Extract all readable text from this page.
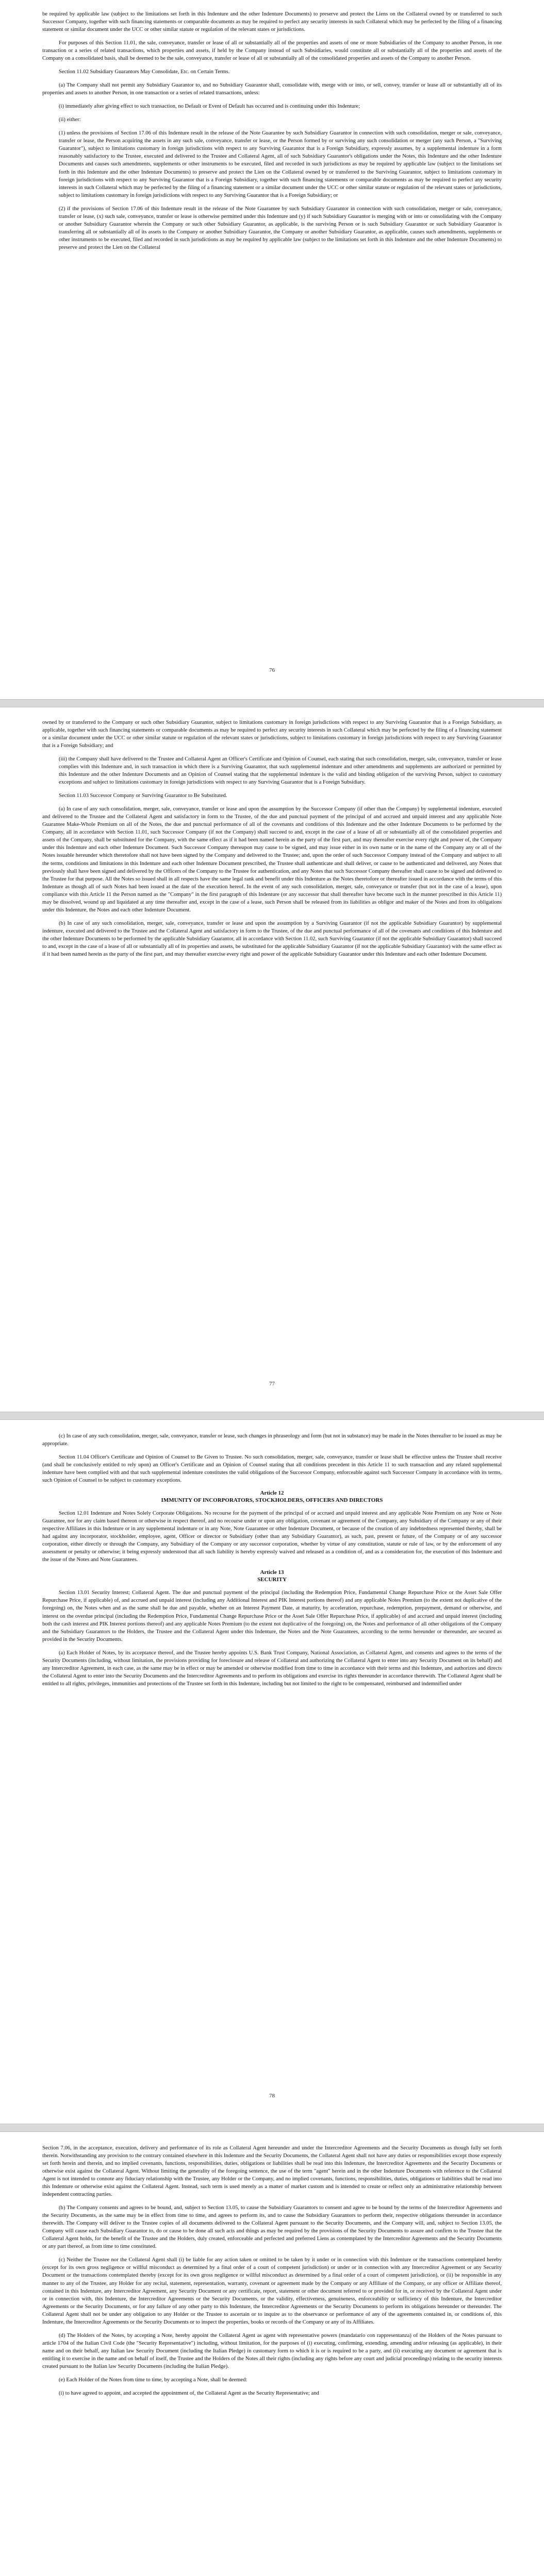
be required by applicable law (subject to the limitations set forth in this Indenture and the other Indenture Documents) to preserve and protect the Liens on the Collateral owned by or transferred to such Successor Company, together with such financing statements or comparable documents as may be required to perfect any security interests in such Collateral which may be perfected by the filing of a financing statement or similar document under the UCC or other similar statute or regulation of the relevant states or jurisdictions.

For purposes of this Section 11.01, the sale, conveyance, transfer or lease of all or substantially all of the properties and assets of one or more Subsidiaries of the Company to another Person, in one transaction or a series of related transactions, which properties and assets, if held by the Company instead of such Subsidiaries, would constitute all or substantially all of the properties and assets of the Company on a consolidated basis, shall be deemed to be the sale, conveyance, transfer or lease of all or substantially all of the consolidated properties and assets of the Company to another Person.

Section 11.02 Subsidiary Guarantors May Consolidate, Etc. on Certain Terms.

(a) The Company shall not permit any Subsidiary Guarantor to, and no Subsidiary Guarantor shall, consolidate with, merge with or into, or sell, convey, transfer or lease all or substantially all of its properties and assets to another Person, in one transaction or a series of related transactions, unless:

(i) immediately after giving effect to such transaction, no Default or Event of Default has occurred and is continuing under this Indenture;

(ii) either:

(1) unless the provisions of Section 17.06 of this Indenture result in the release of the Note Guarantee by such Subsidiary Guarantor in connection with such consolidation, merger or sale, conveyance, transfer or lease, the Person acquiring the assets in any such sale, conveyance, transfer or lease, or the Person formed by or surviving any such consolidation or merger (any such Person, a "Surviving Guarantor"), subject to limitations customary in foreign jurisdictions with respect to any Surviving Guarantor that is a Foreign Subsidiary, expressly assumes, by a supplemental indenture in a form reasonably satisfactory to the Trustee, executed and delivered to the Trustee and Collateral Agent, all of such Subsidiary Guarantor's obligations under the Notes, this Indenture and the other Indenture Documents and causes such amendments, supplements or other instruments to be executed, filed and recorded in such jurisdictions as may be required by applicable law (subject to the limitations set forth in this Indenture and the other Indenture Documents) to preserve and protect the Lien on the Collateral owned by or transferred to the Surviving Guarantor, subject to limitations customary in foreign jurisdictions with respect to any Surviving Guarantor that is a Foreign Subsidiary, together with such financing statements or comparable documents as may be required to perfect any security interests in such Collateral which may be perfected by the filing of a financing statement or a similar document under the UCC or other similar statute or regulation of the relevant states or jurisdictions, subject to limitations customary in foreign jurisdictions with respect to any Surviving Guarantor that is a Foreign Subsidiary; or

(2) if the provisions of Section 17.06 of this Indenture result in the release of the Note Guarantee by such Subsidiary Guarantor in connection with such consolidation, merger or sale, conveyance, transfer or lease, (x) such sale, conveyance, transfer or lease is otherwise permitted under this Indenture and (y) if such Subsidiary Guarantor is merging with or into or consolidating with the Company or another Subsidiary Guarantor wherein the Company or such other Subsidiary Guarantor, as applicable, is the surviving Person or is such Subsidiary Guarantor or such Subsidiary Guarantor is transferring all or substantially all of its assets to the Company or another Subsidiary Guarantor, the Company or another Subsidiary Guarantor, as applicable, causes such amendments, supplements or other instruments to be executed, filed and recorded in such jurisdictions as may be required by applicable law (subject to the limitations set forth in this Indenture and the other Indenture Documents) to preserve and protect the Lien on the Collateral

76

owned by or transferred to the Company or such other Subsidiary Guarantor, subject to limitations customary in foreign jurisdictions with respect to any Surviving Guarantor that is a Foreign Subsidiary, as applicable, together with such financing statements or comparable documents as may be required to perfect any security interests in such Collateral which may be perfected by the filing of a financing statement or a similar document under the UCC or other similar statute or regulation of the relevant states or jurisdictions, subject to limitations customary in foreign jurisdictions with respect to any Surviving Guarantor that is a Foreign Subsidiary; and

(iii) the Company shall have delivered to the Trustee and Collateral Agent an Officer's Certificate and Opinion of Counsel, each stating that such consolidation, merger, sale, conveyance, transfer or lease complies with this Indenture and, in such transaction in which there is a Surviving Guarantor, that such supplemental indenture and other amendments and supplements are authorized or permitted by this Indenture and the other Indenture Documents and an Opinion of Counsel stating that the supplemental indenture is the valid and binding obligation of the surviving Person, subject to customary exceptions and subject to limitations customary in foreign jurisdictions with respect to any Surviving Guarantor that is a Foreign Subsidiary.

Section 11.03 Successor Company or Surviving Guarantor to Be Substituted.

(a) In case of any such consolidation, merger, sale, conveyance, transfer or lease and upon the assumption by the Successor Company (if other than the Company) by supplemental indenture, executed and delivered to the Trustee and the Collateral Agent and satisfactory in form to the Trustee, of the due and punctual payment of the principal of and accrued and unpaid interest and any applicable Note Guarantee Make-Whole Premium on all of the Notes, the due and punctual performance of all of the covenants and conditions of this Indenture and the other Indenture Documents to be performed by the Company, all in accordance with Section 11.01, such Successor Company (if not the Company) shall succeed to and, except in the case of a lease of all or substantially all of the consolidated properties and assets of the Company, shall be substituted for the Company, with the same effect as if it had been named herein as the party of the first part, and may thereafter exercise every right and power of, the Company under this Indenture and each other Indenture Document. Such Successor Company thereupon may cause to be signed, and may issue either in its own name or in the name of the Company any or all of the Notes issuable hereunder which theretofore shall not have been signed by the Company and delivered to the Trustee; and, upon the order of such Successor Company instead of the Company and subject to all the terms, conditions and limitations in this Indenture and each other Indenture Document prescribed, the Trustee shall authenticate and shall deliver, or cause to be authenticated and delivered, any Notes that previously shall have been signed and delivered by the Officers of the Company to the Trustee for authentication, and any Notes that such Successor Company thereafter shall cause to be signed and delivered to the Trustee for that purpose. All the Notes so issued shall in all respects have the same legal rank and benefit under this Indenture as the Notes theretofore or thereafter issued in accordance with the terms of this Indenture as though all of such Notes had been issued at the date of the execution hereof. In the event of any such consolidation, merger, sale, conveyance or transfer (but not in the case of a lease), upon compliance with this Article 11 the Person named as the "Company" in the first paragraph of this Indenture (or any successor that shall thereafter have become such in the manner prescribed in this Article 11) may be dissolved, wound up and liquidated at any time thereafter and, except in the case of a lease, such Person shall be released from its liabilities as obligor and maker of the Notes and from its obligations under this Indenture, the Notes and each other Indenture Document.

(b) In case of any such consolidation, merger, sale, conveyance, transfer or lease and upon the assumption by a Surviving Guarantor (if not the applicable Subsidiary Guarantor) by supplemental indenture, executed and delivered to the Trustee and the Collateral Agent and satisfactory in form to the Trustee, of the due and punctual performance of all of the covenants and conditions of this Indenture and the other Indenture Documents to be performed by the applicable Subsidiary Guarantor, all in accordance with Section 11.02, such Surviving Guarantor (if not the applicable Subsidiary Guarantor) shall succeed to and, except in the case of a lease of all or substantially all of its properties and assets, be substituted for the applicable Subsidiary Guarantor (if not the applicable Subsidiary Guarantor) with the same effect as if it had been named herein as the party of the first part, and may thereafter exercise every right and power of the applicable Subsidiary Guarantor under this Indenture and each other Indenture Document.

77

(c) In case of any such consolidation, merger, sale, conveyance, transfer or lease, such changes in phraseology and form (but not in substance) may be made in the Notes thereafter to be issued as may be appropriate.

Section 11.04 Officer's Certificate and Opinion of Counsel to Be Given to Trustee. No such consolidation, merger, sale, conveyance, transfer or lease shall be effective unless the Trustee shall receive (and shall be conclusively entitled to rely upon) an Officer's Certificate and an Opinion of Counsel stating that all conditions precedent in this Article 11 to such transaction and any related supplemental indenture have been complied with and that such supplemental indenture constitutes the valid obligations of the Successor Company, enforceable against such Successor Company in accordance with its terms, such Opinion of Counsel to be subject to customary exceptions.

Article 12
IMMUNITY OF INCORPORATORS, STOCKHOLDERS, OFFICERS AND DIRECTORS

Section 12.01 Indenture and Notes Solely Corporate Obligations. No recourse for the payment of the principal of or accrued and unpaid interest and any applicable Note Premium on any Note or Note Guarantee, nor for any claim based thereon or otherwise in respect thereof, and no recourse under or upon any obligation, covenant or agreement of the Company, any Subsidiary of the Company or any of their respective Affiliates in this Indenture or in any supplemental indenture or in any Note, Note Guarantee or other Indenture Document, or because of the creation of any indebtedness represented thereby, shall be had against any incorporator, stockholder, employee, agent, Officer or director or Subsidiary (other than any Subsidiary Guarantor), as such, past, present or future, of the Company or of any successor corporation, either directly or through the Company, any Subsidiary of the Company or any successor corporation, whether by virtue of any constitution, statute or rule of law, or by the enforcement of any assessment or penalty or otherwise; it being expressly understood that all such liability is hereby expressly waived and released as a condition of, and as a consideration for, the execution of this Indenture and the issue of the Notes and Note Guarantees.

Article 13
SECURITY

Section 13.01 Security Interest; Collateral Agent. The due and punctual payment of the principal (including the Redemption Price, Fundamental Change Repurchase Price or the Asset Sale Offer Repurchase Price, if applicable) of, and accrued and unpaid interest (including any Additional Interest and PIK Interest portions thereof) and any applicable Notes Premium (to the extent not duplicative of the foregoing) on, the Notes when and as the same shall be due and payable, whether on an Interest Payment Date, at maturity, by acceleration, repurchase, redemption, prepayment, demand or otherwise, and interest on the overdue principal (including the Redemption Price, Fundamental Change Repurchase Price or the Asset Sale Offer Repurchase Price, if applicable) of and accrued and unpaid interest (including both the cash interest and PIK Interest portions thereof) and any applicable Notes Premium (to the extent not duplicative of the foregoing) on, the Notes and performance of all other obligations of the Company and the Subsidiary Guarantors to the Holders, the Trustee and the Collateral Agent under this Indenture, the Notes and the Note Guarantees, according to the terms hereunder or thereunder, are secured as provided in the Security Documents.

(a) Each Holder of Notes, by its acceptance thereof, and the Trustee hereby appoints U.S. Bank Trust Company, National Association, as Collateral Agent, and consents and agrees to the terms of the Security Documents (including, without limitation, the provisions providing for foreclosure and release of Collateral and authorizing the Collateral Agent to enter into any Security Document on its behalf) and any Intercreditor Agreement, in each case, as the same may be in effect or may be amended or otherwise modified from time to time in accordance with their terms and this Indenture, and authorizes and directs the Collateral Agent to enter into the Security Documents and the Intercreditor Agreements and to perform its obligations and exercise its rights thereunder in accordance therewith. The Collateral Agent shall be entitled to all rights, privileges, immunities and protections of the Trustee set forth in this Indenture, including but not limited to the right to be compensated, reimbursed and indemnified under

78

Section 7.06, in the acceptance, execution, delivery and performance of its role as Collateral Agent hereunder and under the Intercreditor Agreements and the Security Documents as though fully set forth therein. Notwithstanding any provision to the contrary contained elsewhere in this Indenture and the Security Documents, the Collateral Agent shall not have any duties or responsibilities except those expressly set forth herein and therein, and no implied covenants, functions, responsibilities, duties, obligations or liabilities shall be read into this Indenture, the Intercreditor Agreements and the Security Documents or otherwise exist against the Collateral Agent. Without limiting the generality of the foregoing sentence, the use of the term "agent" herein and in the other Indenture Documents with reference to the Collateral Agent is not intended to connote any fiduciary relationship with the Trustee, any Holder or the Company, and no implied covenants, functions, responsibilities, duties, obligations or liabilities shall be read into this Indenture or otherwise exist against the Collateral Agent. Instead, such term is used merely as a matter of market custom and is intended to create or reflect only an administrative relationship between independent contracting parties.

(b) The Company consents and agrees to be bound, and, subject to Section 13.05, to cause the Subsidiary Guarantors to consent and agree to be bound by the terms of the Intercreditor Agreements and the Security Documents, as the same may be in effect from time to time, and agrees to perform its, and to cause the Subsidiary Guarantors to perform their, respective obligations thereunder in accordance therewith. The Company will deliver to the Trustee copies of all documents delivered to the Collateral Agent pursuant to the Security Documents, and the Company will, and, subject to Section 13.05, the Company will cause each Subsidiary Guarantor to, do or cause to be done all such acts and things as may be required by the provisions of the Security Documents to assure and confirm to the Trustee that the Collateral Agent holds, for the benefit of the Trustee and the Holders, duly created, enforceable and perfected and preferred Liens as contemplated by the Intercreditor Agreements and the Security Documents or any part thereof, as from time to time constituted.

(c) Neither the Trustee nor the Collateral Agent shall (i) be liable for any action taken or omitted to be taken by it under or in connection with this Indenture or the transactions contemplated hereby (except for its own gross negligence or willful misconduct as determined by a final order of a court of competent jurisdiction) or under or in connection with any Intercreditor Agreement or any Security Document or the transactions contemplated thereby (except for its own gross negligence or willful misconduct as determined by a final order of a court of competent jurisdiction), or (ii) be responsible in any manner to any of the Trustee, any Holder for any recital, statement, representation, warranty, covenant or agreement made by the Company or any Affiliate of the Company, or any officer or Affiliate thereof, contained in this Indenture, any Intercreditor Agreement, any Security Document or any certificate, report, statement or other document referred to or provided for in, or received by the Collateral Agent under or in connection with, this Indenture, the Intercreditor Agreements or the Security Documents, or the validity, effectiveness, genuineness, enforceability or sufficiency of this Indenture, the Intercreditor Agreements or the Security Documents, or for any failure of any other party to this Indenture, the Intercreditor Agreements or the Security Documents to perform its obligations hereunder or thereunder. The Collateral Agent shall not be under any obligation to any Holder or the Trustee to ascertain or to inquire as to the observance or performance of any of the agreements contained in, or conditions of, this Indenture, the Intercreditor Agreements or the Security Documents or to inspect the properties, books or records of the Company or any of its Affiliates.

(d) The Holders of the Notes, by accepting a Note, hereby appoint the Collateral Agent as agent with representative powers (mandatario con rappresentanza) of the Holders of the Notes pursuant to article 1704 of the Italian Civil Code (the "Security Representative") including, without limitation, for the purposes of (i) executing, confirming, extending, amending and/or releasing (as applicable), in their name and on their behalf, any Italian law Security Document (including the Italian Pledge) in customary form to which it is or is required to be a party, and (ii) executing any document or agreement that is entitling it to exercise in the name and on behalf of itself, the Trustee and the Holders of the Notes all their rights (including any rights before any court and judicial proceedings) relating to the security interests created pursuant to the Italian law Security Documents (including the Italian Pledge).

(e) Each Holder of the Notes from time to time, by accepting a Note, shall be deemed:

(i) to have agreed to appoint, and accepted the appointment of, the Collateral Agent as the Security Representative; and
